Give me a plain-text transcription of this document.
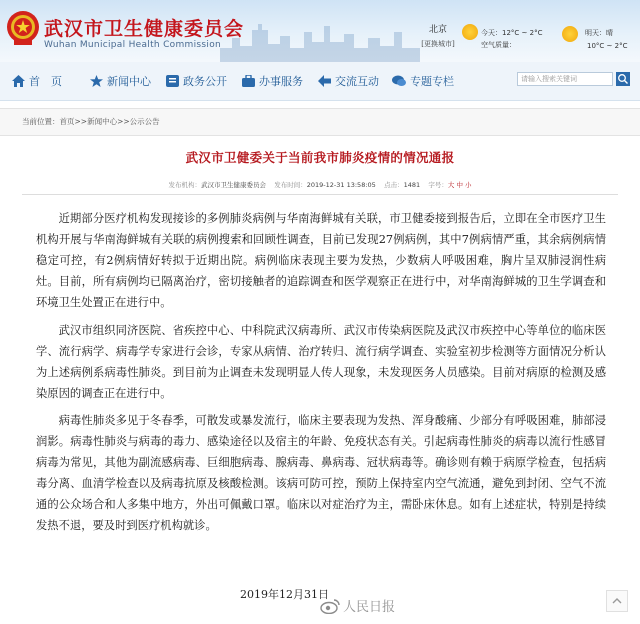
武汉市卫生健康委员会
Wuhan Municipal Health Commission
北京
[更换城市]
今天：12°C ~ 2°C
空气质量：
明天：晴
10°C ~ 2°C
首　页	新闻中心	政务公开	办事服务	交流互动	专题专栏	请输入搜索关键词
当前位置：首页>>新闻中心>>公示公告
武汉市卫健委关于当前我市肺炎疫情的情况通报
发布机构：武汉市卫生健康委员会 发布时间：2019-12-31 13:58:05 点击：1481 字号：大 中 小

近期部分医疗机构发现接诊的多例肺炎病例与华南海鲜城有关联，市卫健委接到报告后，立即在全市医疗卫生机构开展与华南海鲜城有关联的病例搜索和回顾性调查，目前已发现27例病例，其中7例病情严重，其余病例病情稳定可控，有2例病情好转拟于近期出院。病例临床表现主要为发热，少数病人呼吸困难，胸片呈双肺浸润性病灶。目前，所有病例均已隔离治疗，密切接触者的追踪调查和医学观察正在进行中，对华南海鲜城的卫生学调查和环境卫生处置正在进行中。

武汉市组织同济医院、省疾控中心、中科院武汉病毒所、武汉市传染病医院及武汉市疾控中心等单位的临床医学、流行病学、病毒学专家进行会诊，专家从病情、治疗转归、流行病学调查、实验室初步检测等方面情况分析认为上述病例系病毒性肺炎。到目前为止调查未发现明显人传人现象，未发现医务人员感染。目前对病原的检测及感染原因的调查正在进行中。

病毒性肺炎多见于冬春季，可散发或暴发流行，临床主要表现为发热、浑身酸痛、少部分有呼吸困难，肺部浸润影。病毒性肺炎与病毒的毒力、感染途径以及宿主的年龄、免疫状态有关。引起病毒性肺炎的病毒以流行性感冒病毒为常见，其他为副流感病毒、巨细胞病毒、腺病毒、鼻病毒、冠状病毒等。确诊则有赖于病原学检查，包括病毒分离、血清学检查以及病毒抗原及核酸检测。该病可防可控，预防上保持室内空气流通，避免到封闭、空气不流通的公众场合和人多集中地方，外出可佩戴口罩。临床以对症治疗为主，需卧床休息。如有上述症状，特别是持续发热不退，要及时到医疗机构就诊。

2019年12月31日
人民日报
